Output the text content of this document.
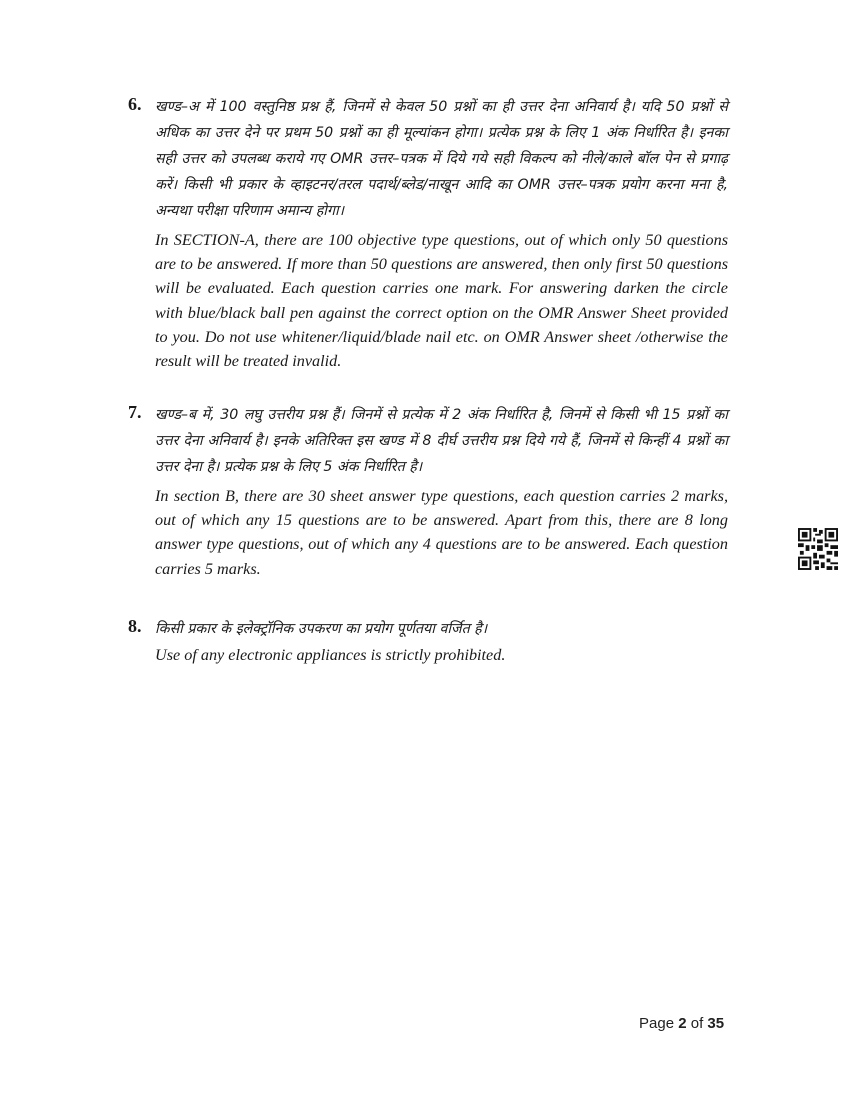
6. खण्ड–अ में 100 वस्तुनिष्ठ प्रश्न हैं, जिनमें से केवल 50 प्रश्नों का ही उत्तर देना अनिवार्य है। यदि 50 प्रश्नों से अधिक का उत्तर देने पर प्रथम 50 प्रश्नों का ही मूल्यांकन होगा। प्रत्येक प्रश्न के लिए 1 अंक निर्धारित है। इनका सही उत्तर को उपलब्ध कराये गए OMR उत्तर–पत्रक में दिये गये सही विकल्प को नीले/काले बॉल पेन से प्रगाढ़ करें। किसी भी प्रकार के व्हाइटनर/तरल पदार्थ/ब्लेड/नाखून आदि का OMR उत्तर–पत्रक प्रयोग करना मना है, अन्यथा परीक्षा परिणाम अमान्य होगा।
In SECTION-A, there are 100 objective type questions, out of which only 50 questions are to be answered. If more than 50 questions are answered, then only first 50 questions will be evaluated. Each question carries one mark. For answering darken the circle with blue/black ball pen against the correct option on the OMR Answer Sheet provided to you. Do not use whitener/liquid/blade nail etc. on OMR Answer sheet /otherwise the result will be treated invalid.
7. खण्ड–ब में, 30 लघु उत्तरीय प्रश्न हैं। जिनमें से प्रत्येक में 2 अंक निर्धारित है, जिनमें से किसी भी 15 प्रश्नों का उत्तर देना अनिवार्य है। इनके अतिरिक्त इस खण्ड में 8 दीर्घ उत्तरीय प्रश्न दिये गये हैं, जिनमें से किन्हीं 4 प्रश्नों का उत्तर देना है। प्रत्येक प्रश्न के लिए 5 अंक निर्धारित है।
In section B, there are 30 sheet answer type questions, each question carries 2 marks, out of which any 15 questions are to be answered. Apart from this, there are 8 long answer type questions, out of which any 4 questions are to be answered. Each question carries 5 marks.
8. किसी प्रकार के इलेक्ट्रॉनिक उपकरण का प्रयोग पूर्णतया वर्जित है।
Use of any electronic appliances is strictly prohibited.
Page 2 of 35
